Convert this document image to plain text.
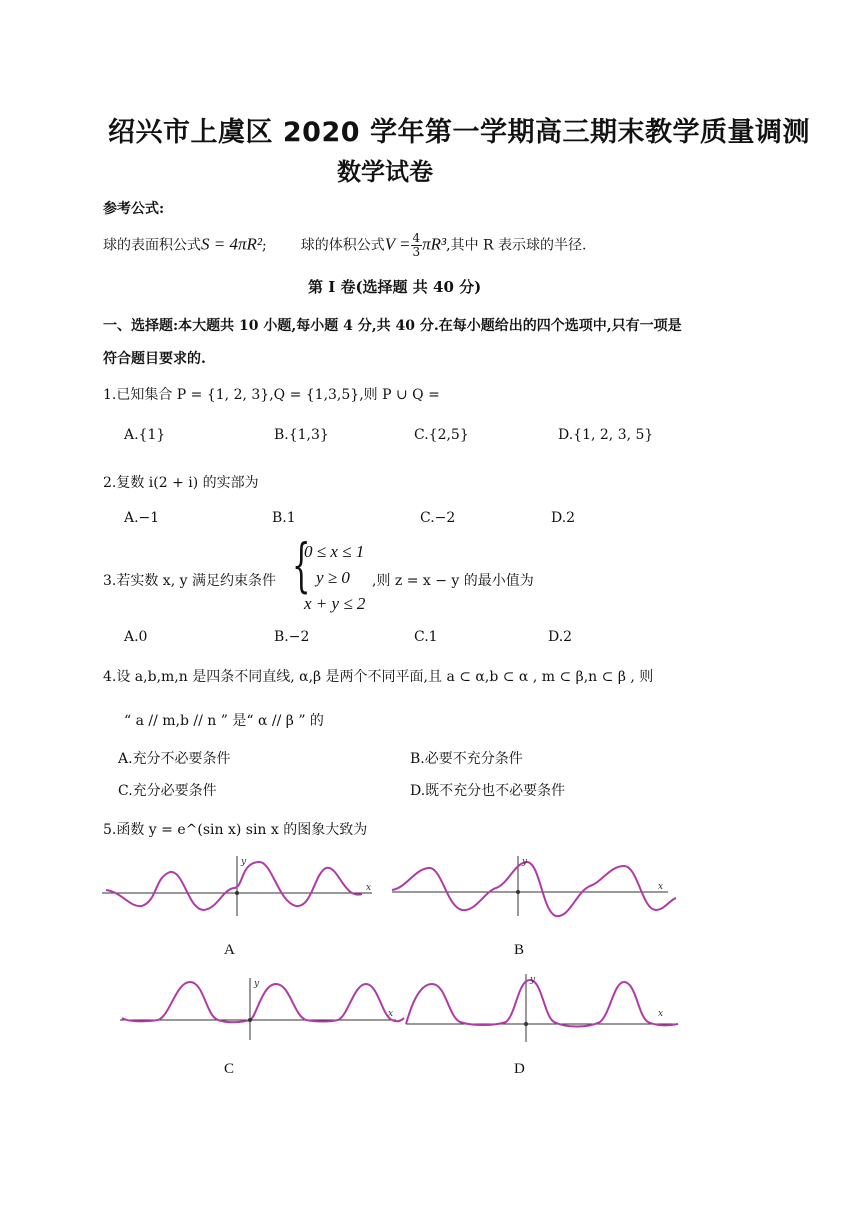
绍兴市上虞区 2020 学年第一学期高三期末教学质量调测
数学试卷
参考公式:
球的表面积公式S = 4πR²; 球的体积公式$V = \frac{4}{3} \pi R^3$,其中 R 表示球的半径.
第 I 卷(选择题 共 40 分)
一、选择题:本大题共 10 小题,每小题 4 分,共 40 分.在每小题给出的四个选项中,只有一项是
符合题目要求的.
1.已知集合 P = {1, 2, 3},Q = {1,3,5},则 P ∪ Q =
A.{1}	B.{1,3}	C.{2,5}	D.{1, 2, 3, 5}
2.复数 i(2 + i) 的实部为
A.−1	B.1	C.−2	D.2
3.若实数 x, y 满足约束条件 {
0 ≤ x ≤ 1
y ≥ 0
x + y ≤ 2
,则 z = x − y 的最小值为
A.0	B.−2	C.1	D.2
4.设 a,b,m,n 是四条不同直线, α,β 是两个不同平面,且 a ⊂ α,b ⊂ α , m ⊂ β,n ⊂ β , 则
“ a // m,b // n ” 是“ α // β ” 的
A.充分不必要条件	B.必要不充分条件
C.充分必要条件	D.既不充分也不必要条件
5.函数 y = e^(sin x) sin x 的图象大致为
y
x
A
y
x
B
y
x
C
y
x
D
